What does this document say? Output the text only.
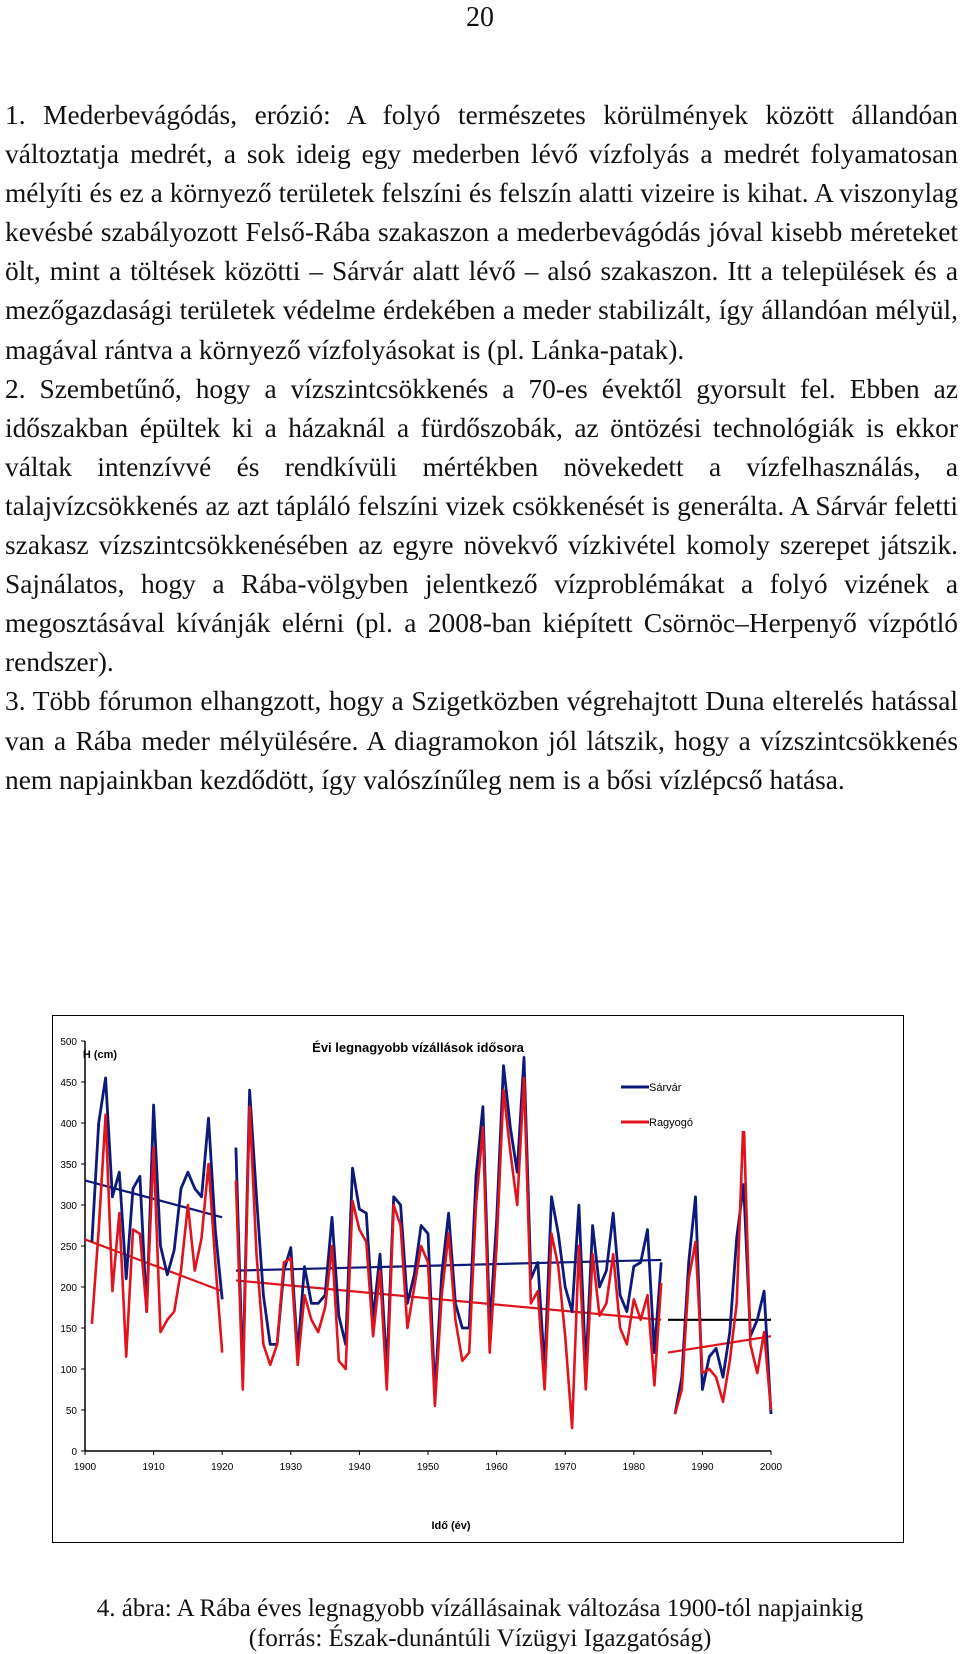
20

1. Mederbevágódás, erózió: A folyó természetes körülmények között állandóan változtatja medrét, a sok ideig egy mederben lévő vízfolyás a medrét folyamatosan mélyíti és ez a környező területek felszíni és felszín alatti vizeire is kihat. A viszonylag kevésbé szabályozott Felső-Rába szakaszon a mederbevágódás jóval kisebb méreteket ölt, mint a töltések közötti – Sárvár alatt lévő – alsó szakaszon. Itt a települések és a mezőgazdasági területek védelme érdekében a meder stabilizált, így állandóan mélyül, magával rántva a környező vízfolyásokat is (pl. Lánka-patak).

2. Szembetűnő, hogy a vízszintcsökkenés a 70-es évektől gyorsult fel. Ebben az időszakban épültek ki a házaknál a fürdőszobák, az öntözési technológiák is ekkor váltak intenzívvé és rendkívüli mértékben növekedett a vízfelhasználás, a talajvízcsökkenés az azt tápláló felszíni vizek csökkenését is generálta. A Sárvár feletti szakasz vízszintcsökkenésében az egyre növekvő vízkivétel komoly szerepet játszik. Sajnálatos, hogy a Rába-völgyben jelentkező vízproblémákat a folyó vizének a megosztásával kívánják elérni (pl. a 2008-ban kiépített Csörnöc–Herpenyő vízpótló rendszer).

3. Több fórumon elhangzott, hogy a Szigetközben végrehajtott Duna elterelés hatással van a Rába meder mélyülésére. A diagramokon jól látszik, hogy a vízszintcsökkenés nem napjainkban kezdődött, így valószínűleg nem is a bősi vízlépcső hatása.

Évi legnagyobb vízállások idősora
H (cm)
Idő (év)
0
50
100
150
200
250
300
350
400
450
500
1900	1910	1920	1930	1940	1950	1960	1970	1980	1990	2000
Sárvár
Ragyogó
4. ábra: A Rába éves legnagyobb vízállásainak változása 1900-tól napjainkig
(forrás: Észak-dunántúli Vízügyi Igazgatóság)
